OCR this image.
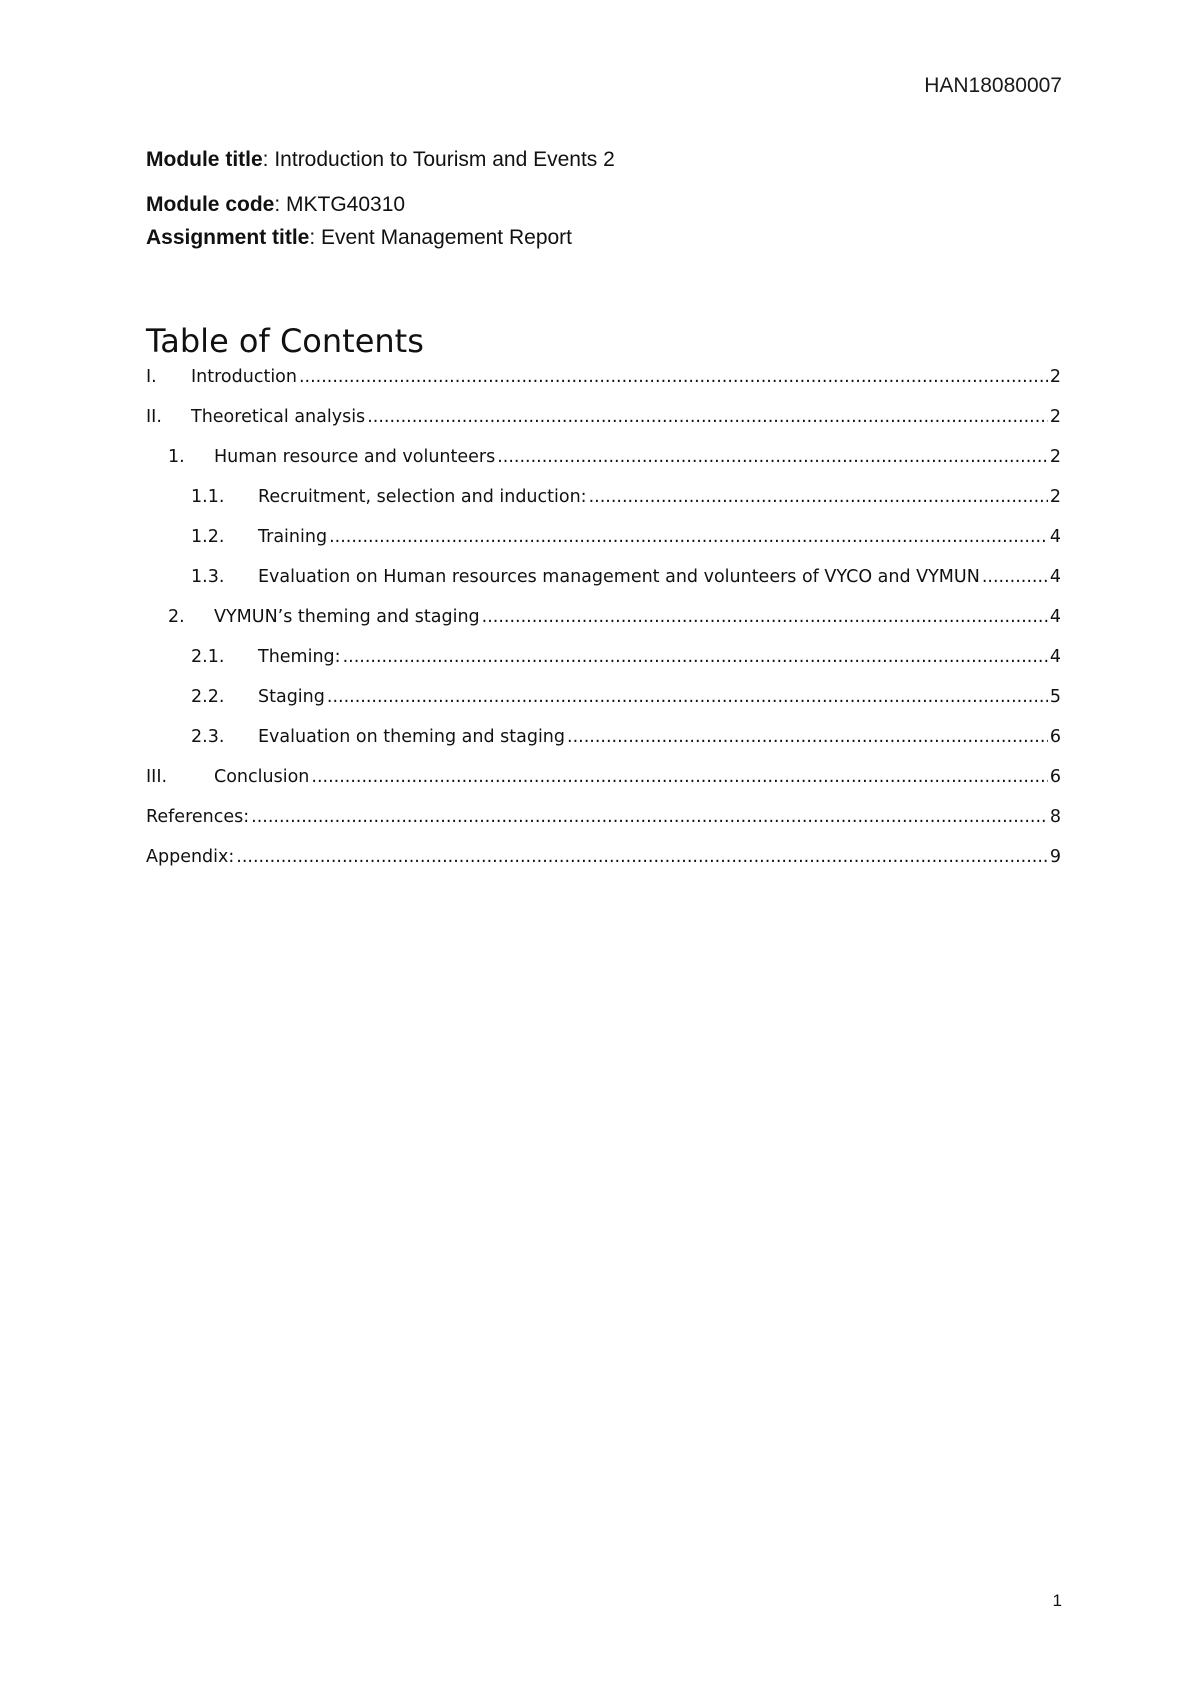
HAN18080007
Module title: Introduction to Tourism and Events 2
Module code: MKTG40310
Assignment title: Event Management Report
Table of Contents
I.	Introduction .....	2
II.	Theoretical analysis .....	2
1.	Human resource and volunteers .....	2
1.1.	Recruitment, selection and induction: .....	2
1.2.	Training .....	4
1.3.	Evaluation on Human resources management and volunteers of VYCO and VYMUN .....	4
2.	VYMUN’s theming and staging .....	4
2.1.	Theming: .....	4
2.2.	Staging .....	5
2.3.	Evaluation on theming and staging .....	6
III.	Conclusion .....	6
References: .....	8
Appendix: .....	9
1
